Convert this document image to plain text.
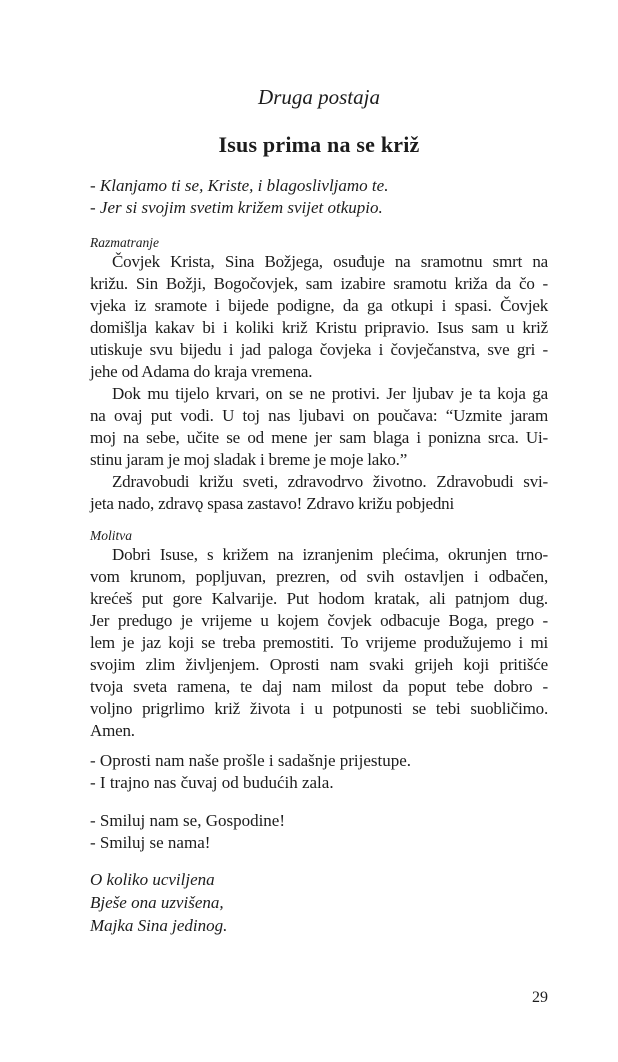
Druga postaja
Isus prima na se križ
- Klanjamo ti se, Kriste, i blagoslivljamo te.
- Jer si svojim svetim križem svijet otkupio.
Razmatranje
Čovjek Krista, Sina Božjega, osuđuje na sramotnu smrt na
križu. Sin Božji, Bogočovjek, sam izabire sramotu križa da čo -
vjeka iz sramote i bijede podigne, da ga otkupi i spasi. Čovjek
domišlja kakav bi i koliki križ Kristu pripravio. Isus sam u križ
utiskuje svu bijedu i jad paloga čovjeka i čovječanstva, sve gri -
jehe od Adama do kraja vremena.
Dok mu tijelo krvari, on se ne protivi. Jer ljubav je ta koja ga
na ovaj put vodi. U toj nas ljubavi on poučava: “Uzmite jaram
moj na sebe, učite se od mene jer sam blaga i ponizna srca. Ui-
stinu jaram je moj sladak i breme je moje lako.”
Zdravobudi križu sveti, zdravodrvo životno. Zdravobudi svi-
jeta nado, zdravǫ spasa zastavo! Zdravo križu pobjedni
Molitva
Dobri Isuse, s križem na izranjenim plećima, okrunjen trno-
vom krunom, popljuvan, prezren, od svih ostavljen i odbačen,
krećeš put gore Kalvarije. Put hodom kratak, ali patnjom dug.
Jer predugo je vrijeme u kojem čovjek odbacuje Boga, prego -
lem je jaz koji se treba premostiti. To vrijeme produžujemo i mi
svojim zlim življenjem. Oprosti nam svaki grijeh koji pritišće
tvoja sveta ramena, te daj nam milost da poput tebe dobro -
voljno prigrlimo križ života i u potpunosti se tebi suobličimo.
Amen.
- Oprosti nam naše prošle i sadašnje prijestupe.
- I trajno nas čuvaj od budućih zala.
- Smiluj nam se, Gospodine!
- Smiluj se nama!
O koliko ucviljena
Bješe ona uzvišena,
Majka Sina jedinog.
29
